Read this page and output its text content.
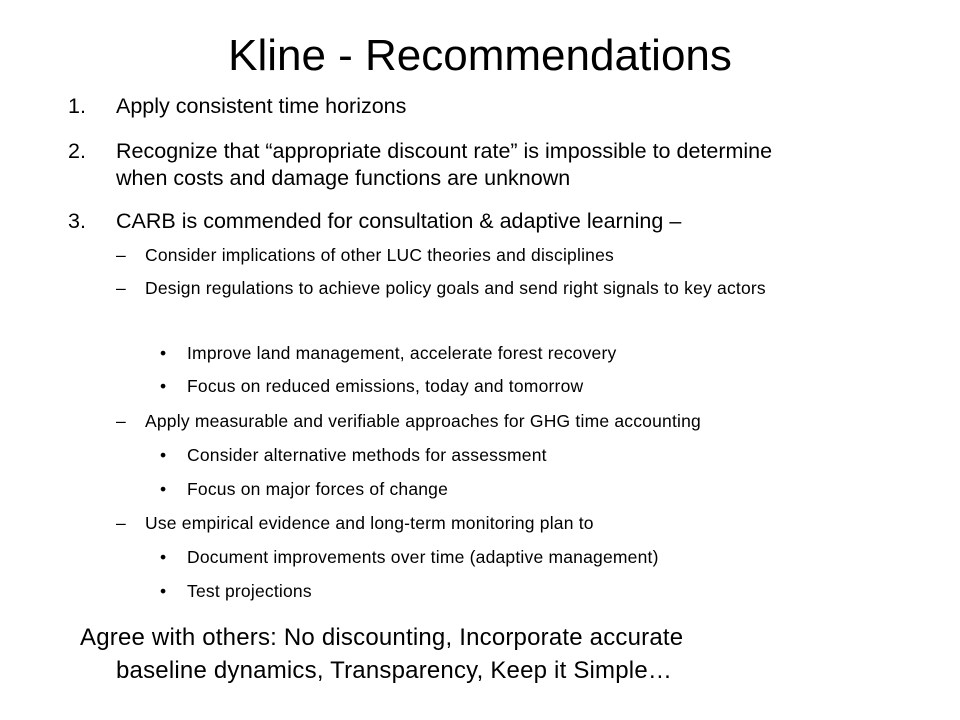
Kline - Recommendations
1.	Apply consistent time horizons
2.	Recognize that “appropriate discount rate” is impossible to determine when costs and damage functions are unknown
3.	CARB is commended for consultation & adaptive learning –
–	Consider implications of other LUC theories and disciplines
–	Design regulations to achieve policy goals and send right signals to key actors
•	Improve land management, accelerate forest recovery
•	Focus on reduced emissions, today and tomorrow
–	Apply measurable and verifiable approaches for GHG time accounting
•	Consider alternative methods for assessment
•	Focus on major forces of change
–	Use empirical evidence and long-term monitoring plan to
•	Document improvements over time (adaptive management)
•	Test projections
Agree with others: No discounting, Incorporate accurate
baseline dynamics, Transparency, Keep it Simple…
